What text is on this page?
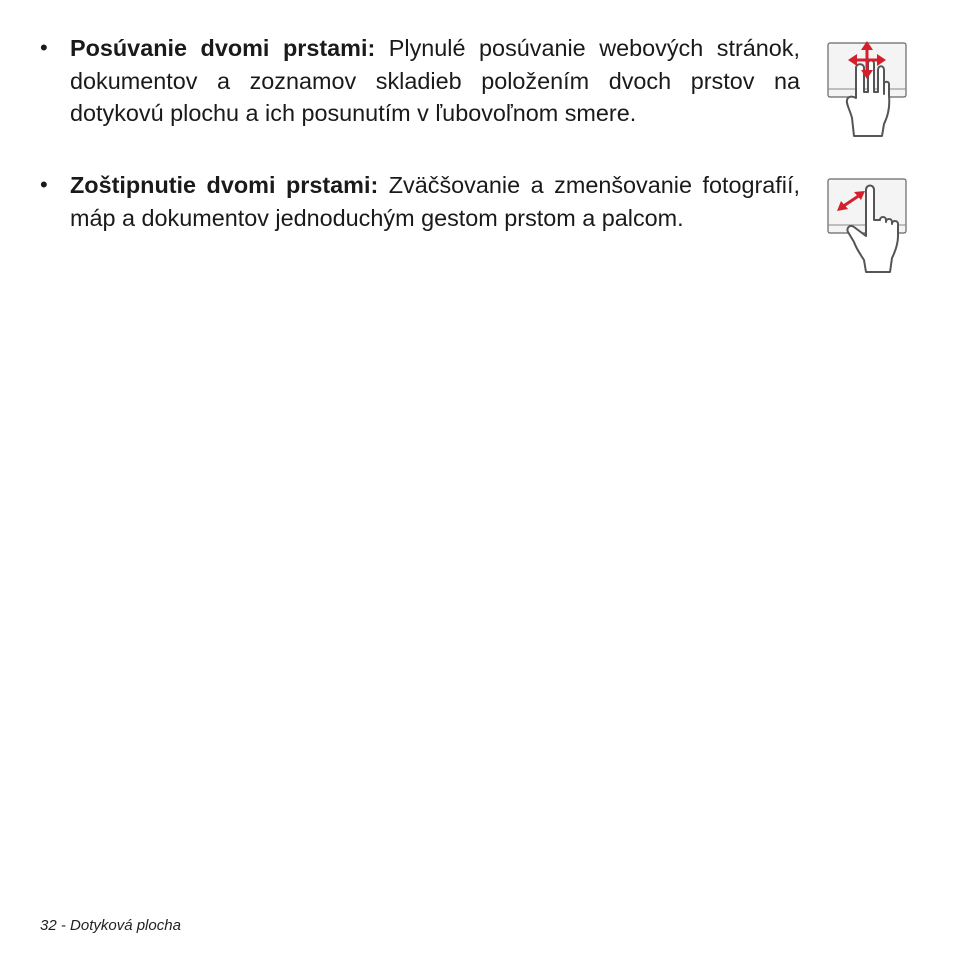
• Posúvanie dvomi prstami: Plynulé posúvanie webových stránok, dokumentov a zoznamov skladieb položením dvoch prstov na dotykovú plochu a ich posunutím v ľubovoľnom smere.
• Zoštipnutie dvomi prstami: Zväčšovanie a zmenšovanie fotografií, máp a dokumentov jednoduchým gestom prstom a palcom.
32 - Dotyková plocha
